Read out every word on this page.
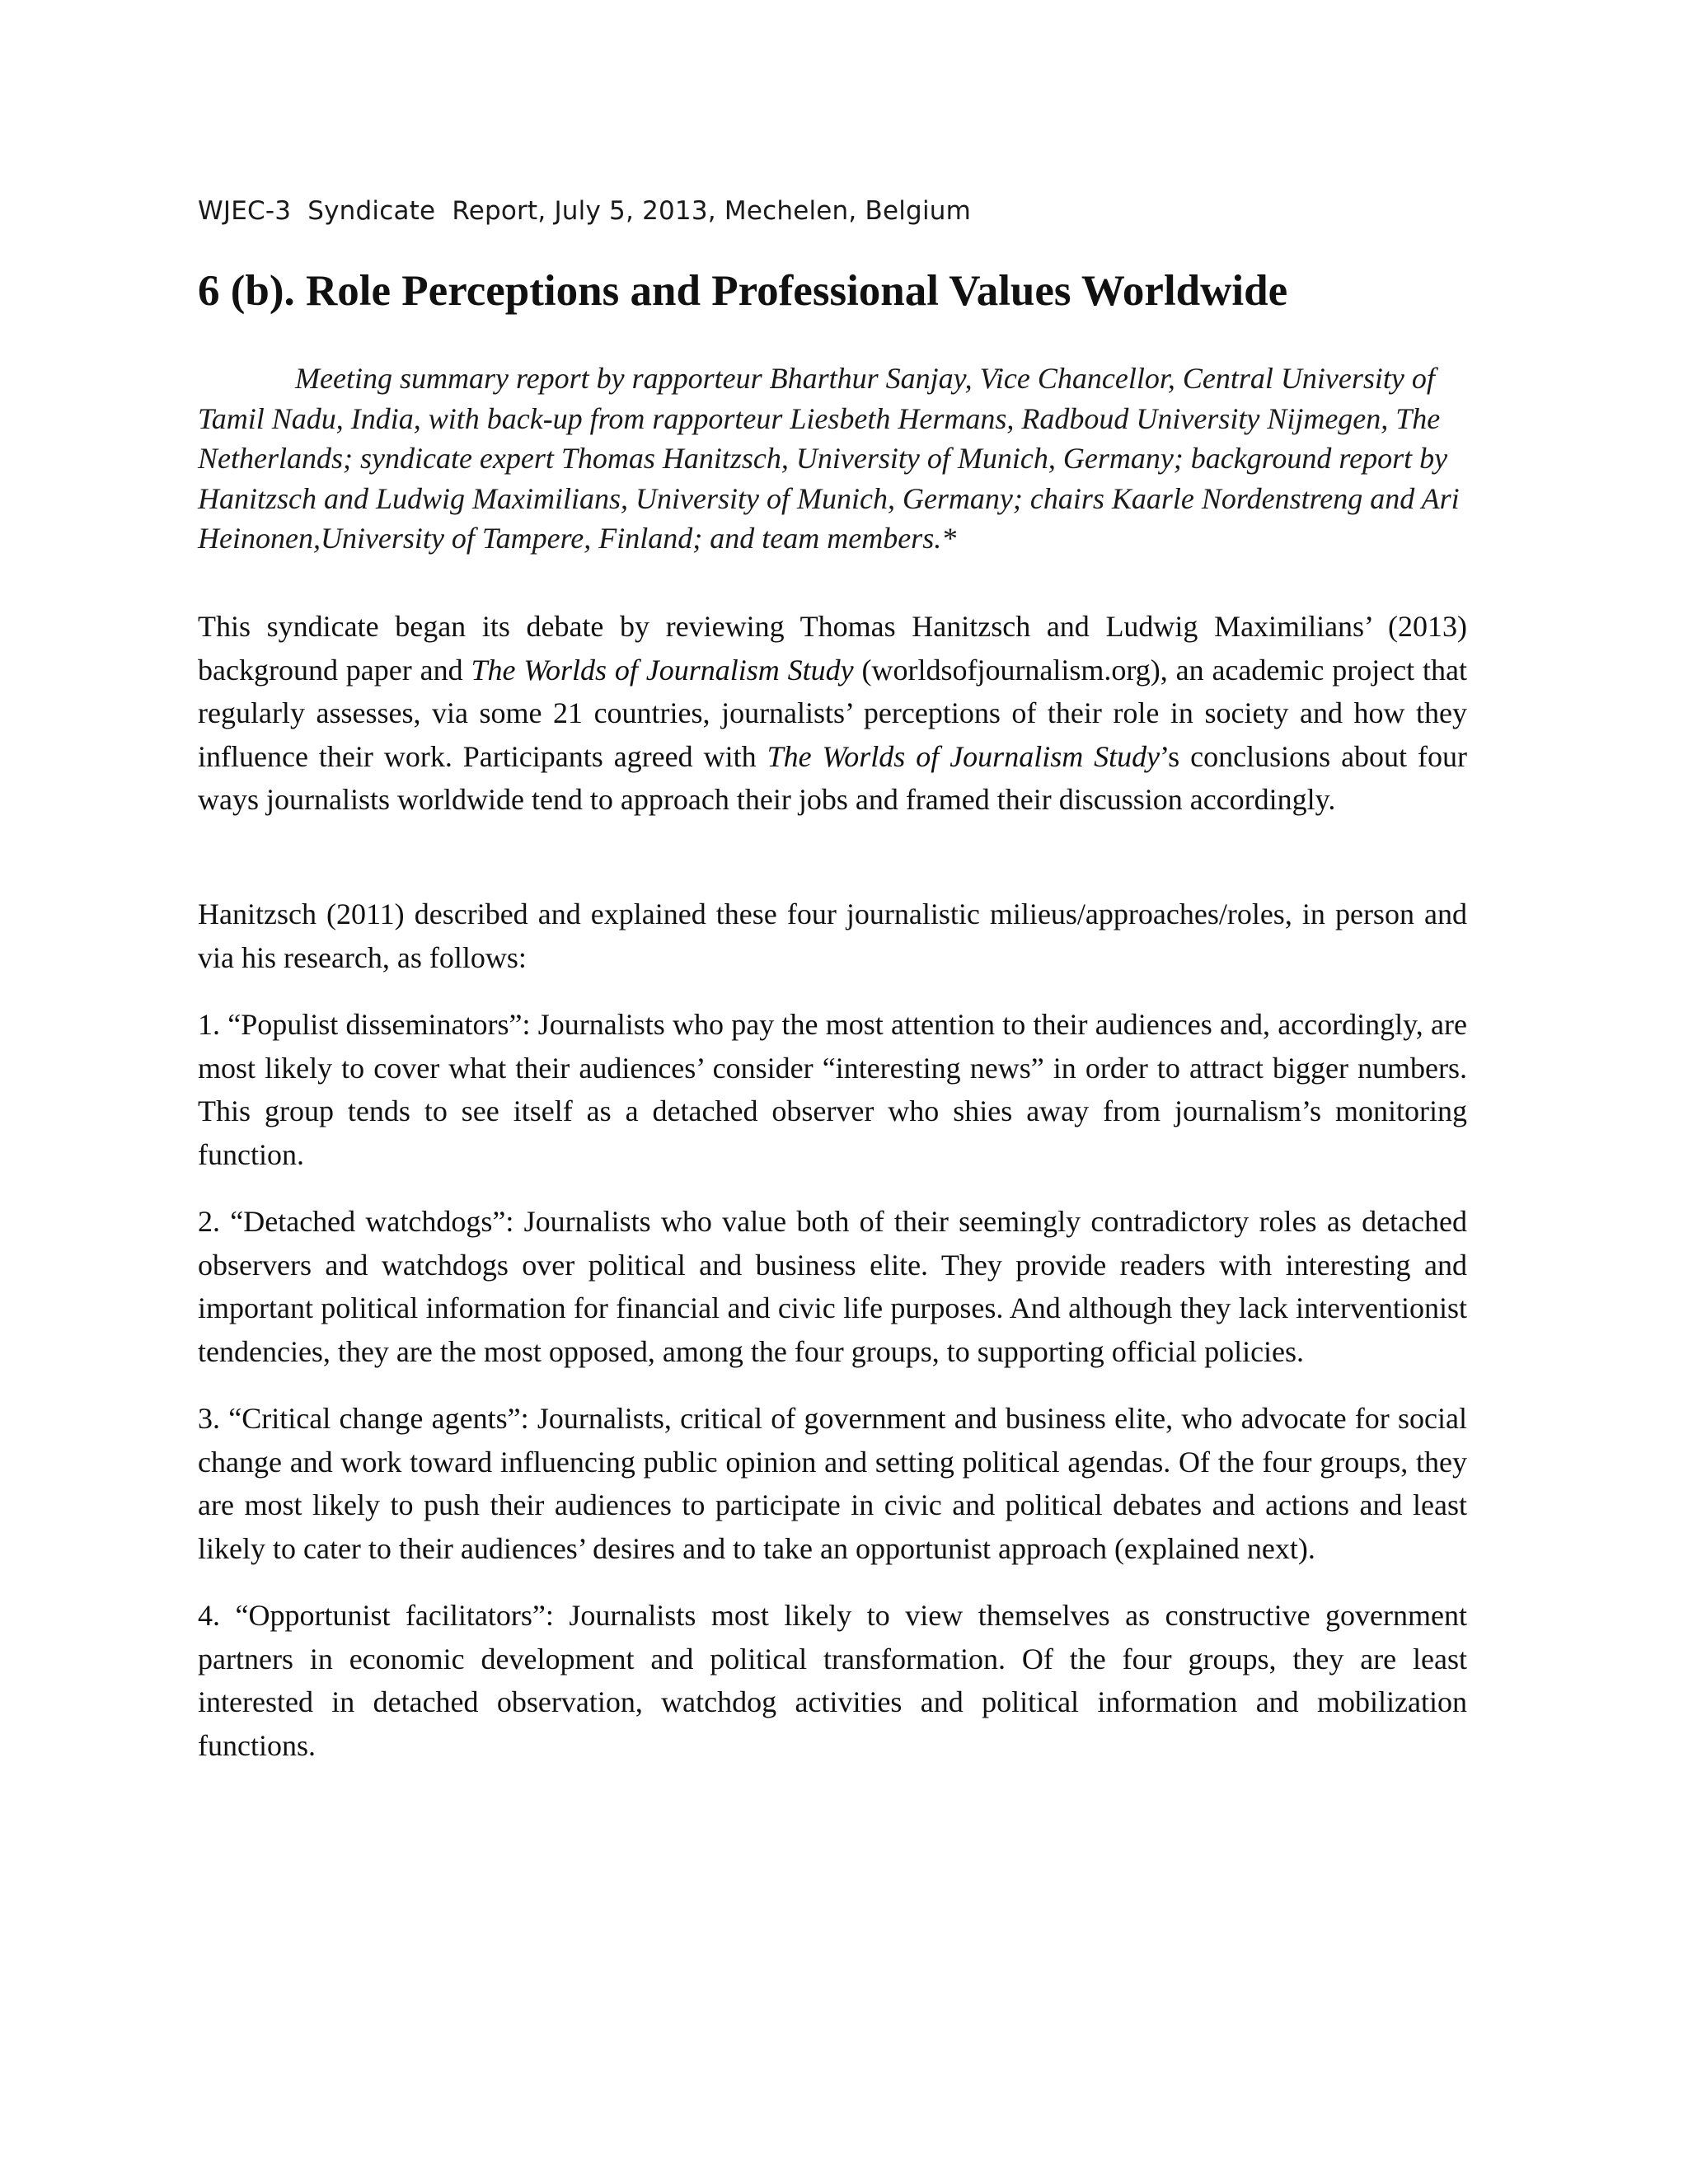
WJEC-3  Syndicate  Report, July 5, 2013, Mechelen, Belgium
6 (b). Role Perceptions and Professional Values Worldwide

Meeting summary report by rapporteur Bharthur Sanjay, Vice Chancellor, Central University of Tamil Nadu, India, with back-up from rapporteur Liesbeth Hermans, Radboud University Nijmegen, The Netherlands; syndicate expert Thomas Hanitzsch, University of Munich, Germany; background report by Hanitzsch and Ludwig Maximilians, University of Munich, Germany; chairs Kaarle Nordenstreng and Ari Heinonen,University of Tampere, Finland; and team members.*

This syndicate began its debate by reviewing Thomas Hanitzsch and Ludwig Maximilians’ (2013) background paper and The Worlds of Journalism Study (worldsofjournalism.org), an academic project that regularly assesses, via some 21 countries, journalists’ perceptions of their role in society and how they influence their work. Participants agreed with The Worlds of Journalism Study’s conclusions about four ways journalists worldwide tend to approach their jobs and framed their discussion accordingly.

Hanitzsch (2011) described and explained these four journalistic milieus/approaches/roles, in person and via his research, as follows:

1. “Populist disseminators”: Journalists who pay the most attention to their audiences and, accordingly, are most likely to cover what their audiences’ consider “interesting news” in order to attract bigger numbers. This group tends to see itself as a detached observer who shies away from journalism’s monitoring function.

2. “Detached watchdogs”: Journalists who value both of their seemingly contradictory roles as detached observers and watchdogs over political and business elite. They provide readers with interesting and important political information for financial and civic life purposes. And although they lack interventionist tendencies, they are the most opposed, among the four groups, to supporting official policies.

3. “Critical change agents”: Journalists, critical of government and business elite, who advocate for social change and work toward influencing public opinion and setting political agendas. Of the four groups, they are most likely to push their audiences to participate in civic and political debates and actions and least likely to cater to their audiences’ desires and to take an opportunist approach (explained next).

4. “Opportunist facilitators”: Journalists most likely to view themselves as constructive government partners in economic development and political transformation. Of the four groups, they are least interested in detached observation, watchdog activities and political information and mobilization functions.
